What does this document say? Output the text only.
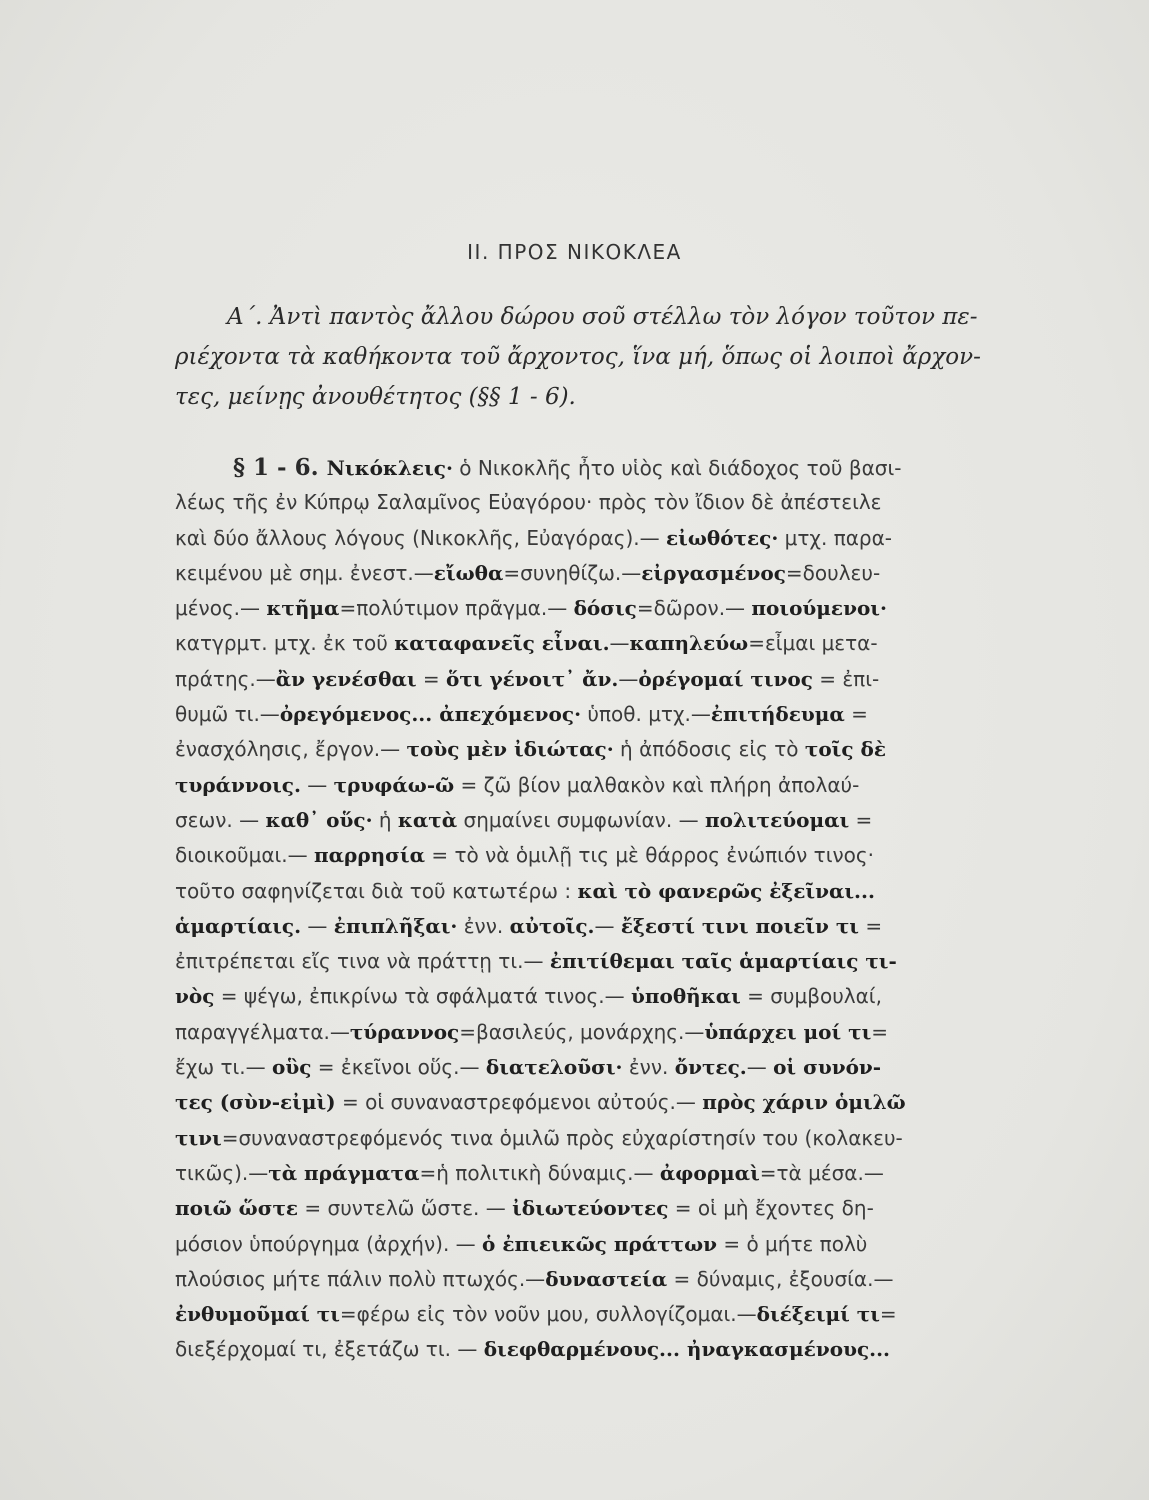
II. ΠΡΟΣ ΝΙΚΟΚΛΕΑ
Α΄. Ἀντὶ παντὸς ἄλλου δώρου σοῦ στέλλω τὸν λόγον τοῦτον πε-
ριέχοντα τὰ καθήκοντα τοῦ ἄρχοντος, ἵνα μή, ὅπως οἱ λοιποὶ ἄρχον-
τες, μείνῃς ἀνουθέτητος (§§ 1 - 6).
§ 1 - 6. Νικόκλεις· ὁ Νικοκλῆς ἦτο υἱὸς καὶ διάδοχος τοῦ βασι-
λέως τῆς ἐν Κύπρῳ Σαλαμῖνος Εὐαγόρου· πρὸς τὸν ἴδιον δὲ ἀπέστειλε
καὶ δύο ἄλλους λόγους (Νικοκλῆς, Εὐαγόρας).— εἰωθότες· μτχ. παρα-
κειμένου μὲ σημ. ἐνεστ.—εἴωθα=συνηθίζω.—εἰργασμένος=δουλευ-
μένος.— κτῆμα=πολύτιμον πρᾶγμα.— δόσις=δῶρον.— ποιούμενοι·
κατγρμτ. μτχ. ἐκ τοῦ καταφανεῖς εἶναι.—καπηλεύω=εἶμαι μετα-
πράτης.—ἂν γενέσθαι = ὅτι γένοιτ᾽ ἄν.—ὀρέγομαί τινος = ἐπι-
θυμῶ τι.—ὀρεγόμενος... ἀπεχόμενος· ὑποθ. μτχ.—ἐπιτήδευμα =
ἐνασχόλησις, ἔργον.— τοὺς μὲν ἰδιώτας· ἡ ἀπόδοσις εἰς τὸ τοῖς δὲ
τυράννοις. — τρυφάω-ῶ = ζῶ βίον μαλθακὸν καὶ πλήρη ἀπολαύ-
σεων. — καθ᾽ οὕς· ἡ κατὰ σημαίνει συμφωνίαν. — πολιτεύομαι =
διοικοῦμαι.— παρρησία = τὸ νὰ ὁμιλῇ τις μὲ θάρρος ἐνώπιόν τινος·
τοῦτο σαφηνίζεται διὰ τοῦ κατωτέρω : καὶ τὸ φανερῶς ἐξεῖναι...
ἁμαρτίαις. — ἐπιπλῆξαι· ἐνν. αὐτοῖς.— ἔξεστί τινι ποιεῖν τι =
ἐπιτρέπεται εἴς τινα νὰ πράττῃ τι.— ἐπιτίθεμαι ταῖς ἁμαρτίαις τι-
νὸς = ψέγω, ἐπικρίνω τὰ σφάλματά τινος.— ὑποθῆκαι = συμβουλαί,
παραγγέλματα.—τύραννος=βασιλεύς, μονάρχης.—ὑπάρχει μοί τι=
ἔχω τι.— οὓς = ἐκεῖνοι οὕς.— διατελοῦσι· ἐνν. ὄντες.— οἱ συνόν-
τες (σὺν-εἰμὶ) = οἱ συναναστρεφόμενοι αὐτούς.— πρὸς χάριν ὁμιλῶ
τινι=συναναστρεφόμενός τινα ὁμιλῶ πρὸς εὐχαρίστησίν του (κολακευ-
τικῶς).—τὰ πράγματα=ἡ πολιτικὴ δύναμις.— ἀφορμαὶ=τὰ μέσα.—
ποιῶ ὥστε = συντελῶ ὥστε. — ἰδιωτεύοντες = οἱ μὴ ἔχοντες δη-
μόσιον ὑπούργημα (ἀρχήν). — ὁ ἐπιεικῶς πράττων = ὁ μήτε πολὺ
πλούσιος μήτε πάλιν πολὺ πτωχός.—δυναστεία = δύναμις, ἐξουσία.—
ἐνθυμοῦμαί τι=φέρω εἰς τὸν νοῦν μου, συλλογίζομαι.—διέξειμί τι=
διεξέρχομαί τι, ἐξετάζω τι. — διεφθαρμένους... ἠναγκασμένους...
